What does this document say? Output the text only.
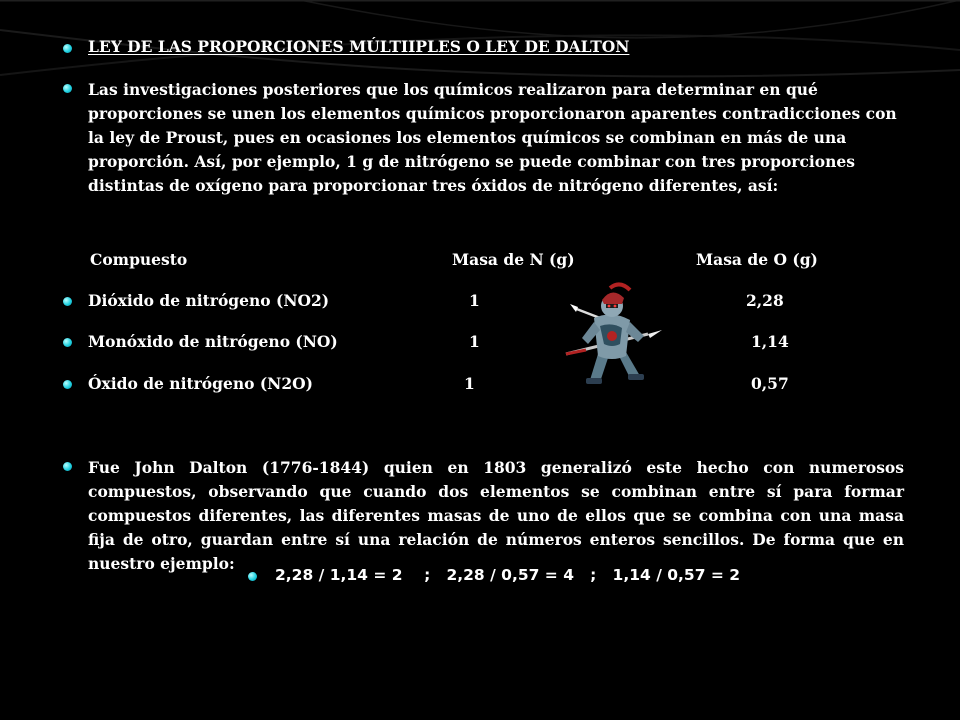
LEY DE LAS PROPORCIONES MÚLTIIPLES O LEY DE DALTON
Las investigaciones posteriores que los químicos realizaron para determinar en qué proporciones se unen los elementos químicos proporcionaron aparentes contradicciones con la ley de Proust, pues en ocasiones los elementos químicos se combinan en más de una proporción. Así, por ejemplo, 1 g de nitrógeno se puede combinar con tres proporciones distintas de oxígeno para proporcionar tres óxidos de nitrógeno diferentes, así:
Compuesto	Masa de N (g)	Masa de O (g)
Dióxido de nitrógeno (NO2)	1	2,28
Monóxido de nitrógeno (NO)	1	1,14
Óxido de nitrógeno (N2O)	1	0,57
Fue John Dalton (1776-1844) quien en 1803 generalizó este hecho con numerosos compuestos, observando que cuando dos elementos se combinan entre sí para formar compuestos diferentes, las diferentes masas de uno de ellos que se combina con una masa fija de otro, guardan entre sí una relación de números enteros sencillos. De forma que en nuestro ejemplo:
2,28 / 1,14 = 2    ;   2,28 / 0,57 = 4   ;   1,14 / 0,57 = 2
